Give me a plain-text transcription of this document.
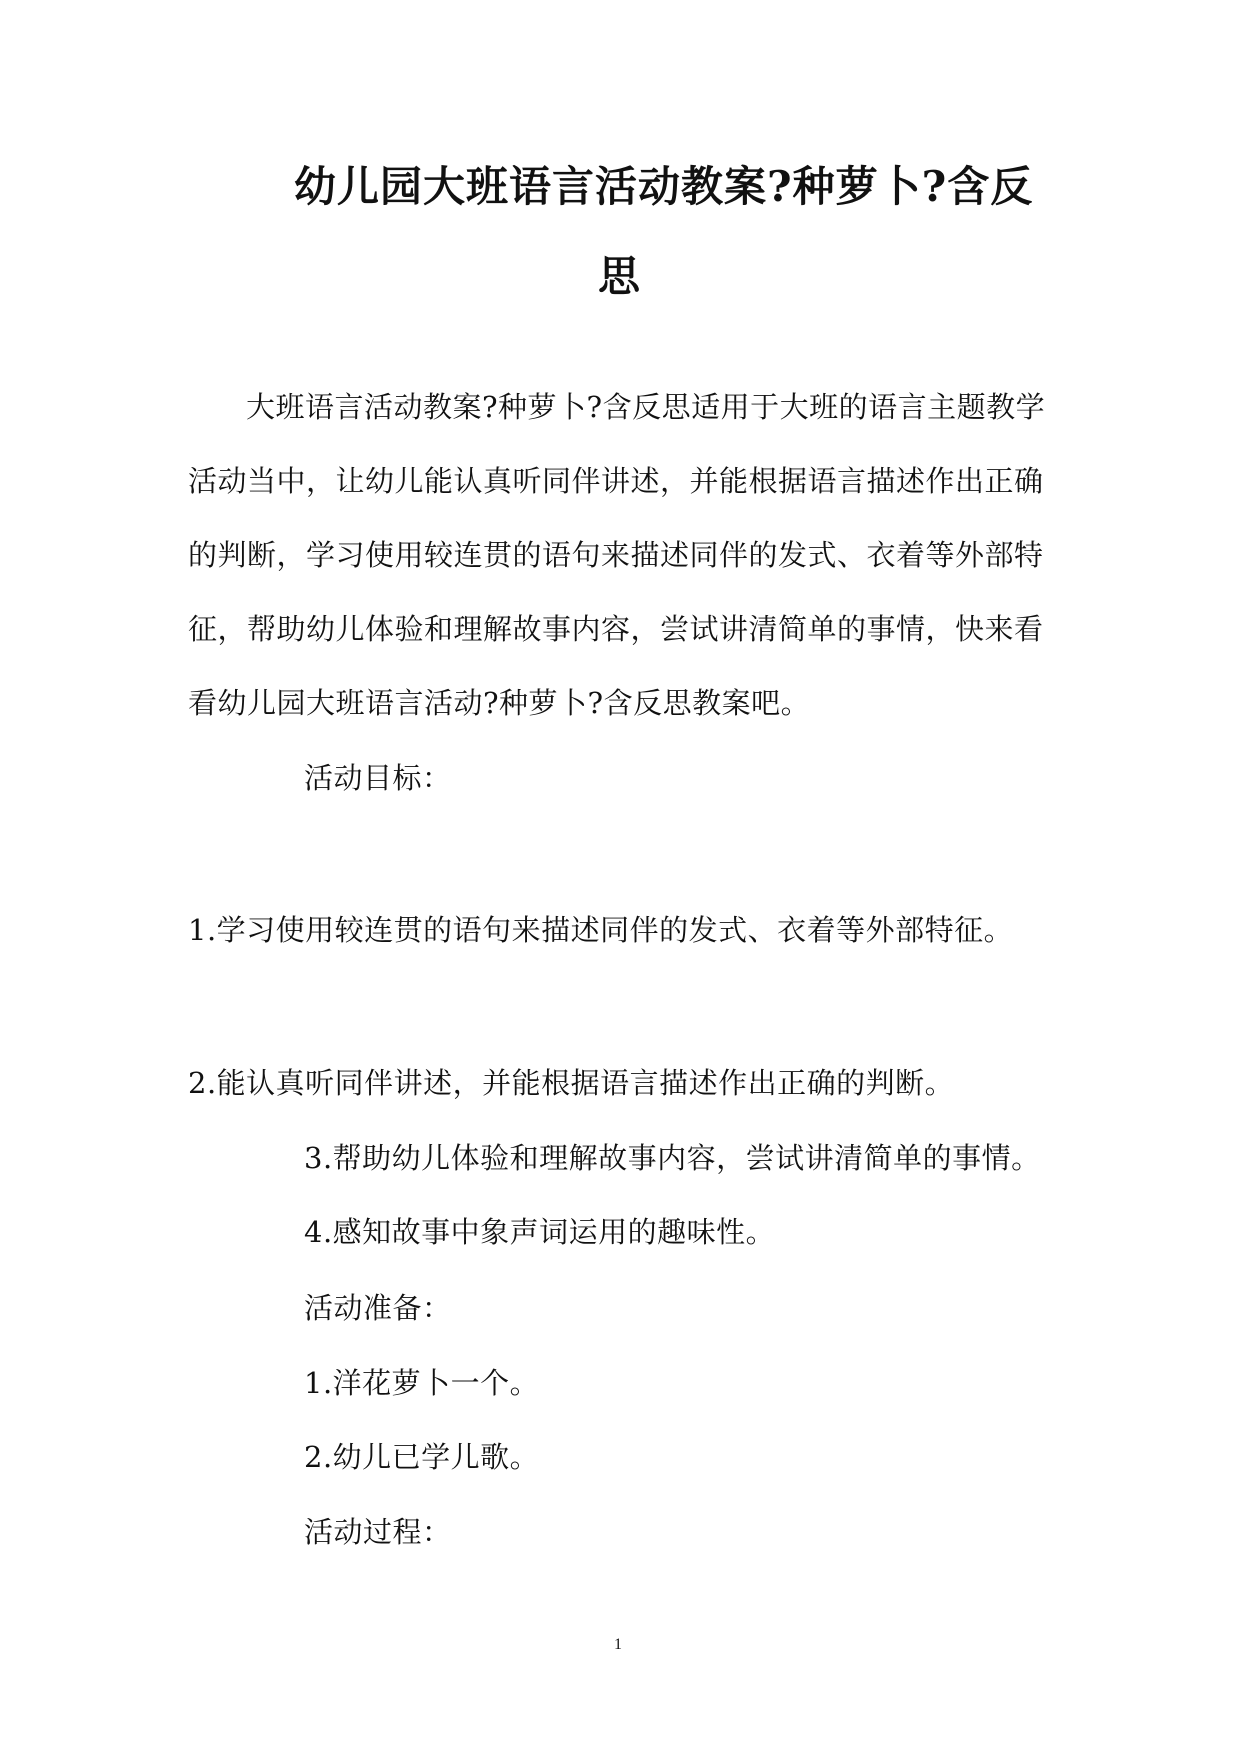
幼儿园大班语言活动教案?种萝卜?含反
思
大班语言活动教案?种萝卜?含反思适用于大班的语言主题教学
活动当中，让幼儿能认真听同伴讲述，并能根据语言描述作出正确
的判断，学习使用较连贯的语句来描述同伴的发式、衣着等外部特
征，帮助幼儿体验和理解故事内容，尝试讲清简单的事情，快来看
看幼儿园大班语言活动?种萝卜?含反思教案吧。
活动目标：
1.学习使用较连贯的语句来描述同伴的发式、衣着等外部特征。
2.能认真听同伴讲述，并能根据语言描述作出正确的判断。
3.帮助幼儿体验和理解故事内容，尝试讲清简单的事情。
4.感知故事中象声词运用的趣味性。
活动准备：
1.洋花萝卜一个。
2.幼儿已学儿歌。
活动过程：
1
